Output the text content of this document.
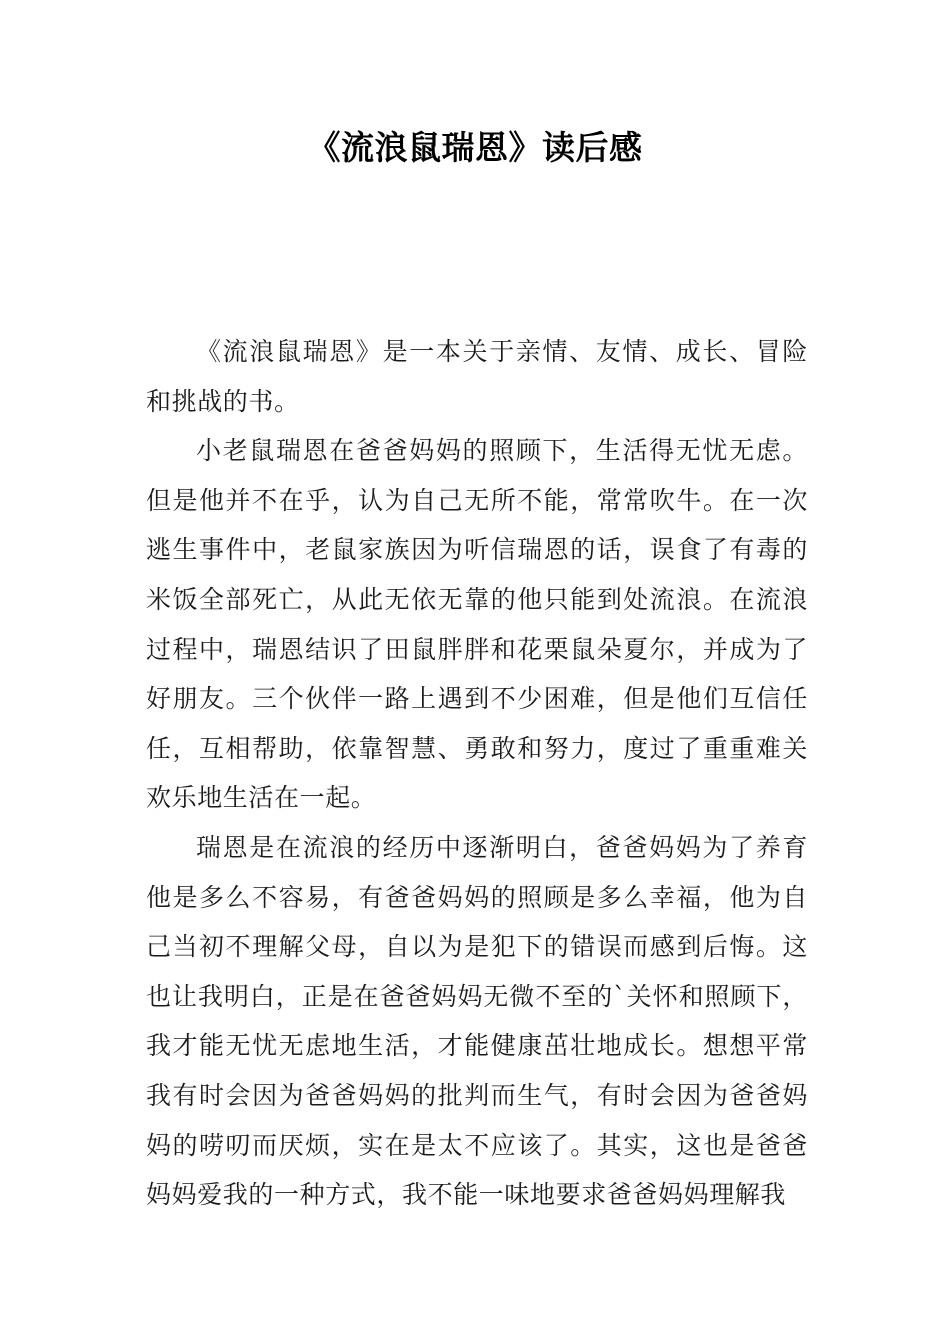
《流浪鼠瑞恩》读后感

《流浪鼠瑞恩》是一本关于亲情、友情、成长、冒险和挑战的书。

小老鼠瑞恩在爸爸妈妈的照顾下，生活得无忧无虑。但是他并不在乎，认为自己无所不能，常常吹牛。在一次逃生事件中，老鼠家族因为听信瑞恩的话，误食了有毒的米饭全部死亡，从此无依无靠的他只能到处流浪。在流浪过程中，瑞恩结识了田鼠胖胖和花栗鼠朵夏尔，并成为了好朋友。三个伙伴一路上遇到不少困难，但是他们互信任任，互相帮助，依靠智慧、勇敢和努力，度过了重重难关欢乐地生活在一起。

瑞恩是在流浪的经历中逐渐明白，爸爸妈妈为了养育他是多么不容易，有爸爸妈妈的照顾是多么幸福，他为自己当初不理解父母，自以为是犯下的错误而感到后悔。这也让我明白，正是在爸爸妈妈无微不至的`关怀和照顾下，我才能无忧无虑地生活，才能健康茁壮地成长。想想平常我有时会因为爸爸妈妈的批判而生气，有时会因为爸爸妈妈的唠叨而厌烦，实在是太不应该了。其实，这也是爸爸妈妈爱我的一种方式，我不能一味地要求爸爸妈妈理解我
